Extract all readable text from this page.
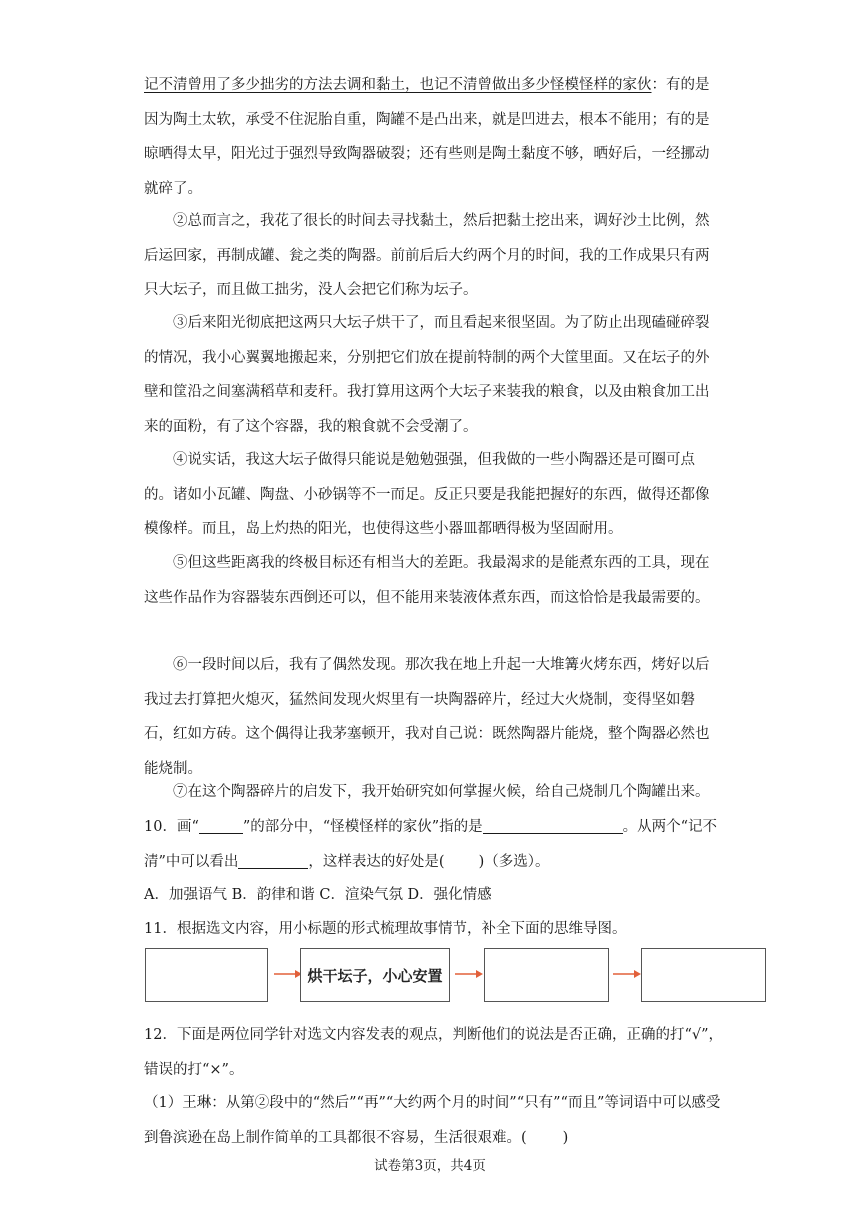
记不清曾用了多少拙劣的方法去调和黏土，也记不清曾做出多少怪模怪样的家伙：有的是因为陶土太软，承受不住泥胎自重，陶罐不是凸出来，就是凹进去，根本不能用；有的是晾晒得太早，阳光过于强烈导致陶器破裂；还有些则是陶土黏度不够，晒好后，一经挪动就碎了。

②总而言之，我花了很长的时间去寻找黏土，然后把黏土挖出来，调好沙土比例，然后运回家，再制成罐、瓮之类的陶器。前前后后大约两个月的时间，我的工作成果只有两只大坛子，而且做工拙劣，没人会把它们称为坛子。

③后来阳光彻底把这两只大坛子烘干了，而且看起来很坚固。为了防止出现磕碰碎裂的情况，我小心翼翼地搬起来，分别把它们放在提前特制的两个大筐里面。又在坛子的外壁和筐沿之间塞满稻草和麦秆。我打算用这两个大坛子来装我的粮食，以及由粮食加工出来的面粉，有了这个容器，我的粮食就不会受潮了。

④说实话，我这大坛子做得只能说是勉勉强强，但我做的一些小陶器还是可圈可点的。诸如小瓦罐、陶盘、小砂锅等不一而足。反正只要是我能把握好的东西，做得还都像模像样。而且，岛上灼热的阳光，也使得这些小器皿都晒得极为坚固耐用。

⑤但这些距离我的终极目标还有相当大的差距。我最渴求的是能煮东西的工具，现在这些作品作为容器装东西倒还可以，但不能用来装液体煮东西，而这恰恰是我最需要的。

⑥一段时间以后，我有了偶然发现。那次我在地上升起一大堆篝火烤东西，烤好以后我过去打算把火熄灭，猛然间发现火烬里有一块陶器碎片，经过大火烧制，变得坚如磐石，红如方砖。这个偶得让我茅塞顿开，我对自己说：既然陶器片能烧，整个陶器必然也能烧制。

⑦在这个陶器碎片的启发下，我开始研究如何掌握火候，给自己烧制几个陶罐出来。

10．画“	”的部分中，“怪模怪样的家伙”指的是	。从两个“记不清”中可以看出	，这样表达的好处是( )（多选）。

A．加强语气 B．韵律和谐 C．渲染气氛 D．强化情感

11．根据选文内容，用小标题的形式梳理故事情节，补全下面的思维导图。

烘干坛子，小心安置

12．下面是两位同学针对选文内容发表的观点，判断他们的说法是否正确，正确的打“√”，错误的打“×”。

（1）王琳：从第②段中的“然后”“再”“大约两个月的时间”“只有”“而且”等词语中可以感受到鲁滨逊在岛上制作简单的工具都很不容易，生活很艰难。( )

试卷第3页，共4页
